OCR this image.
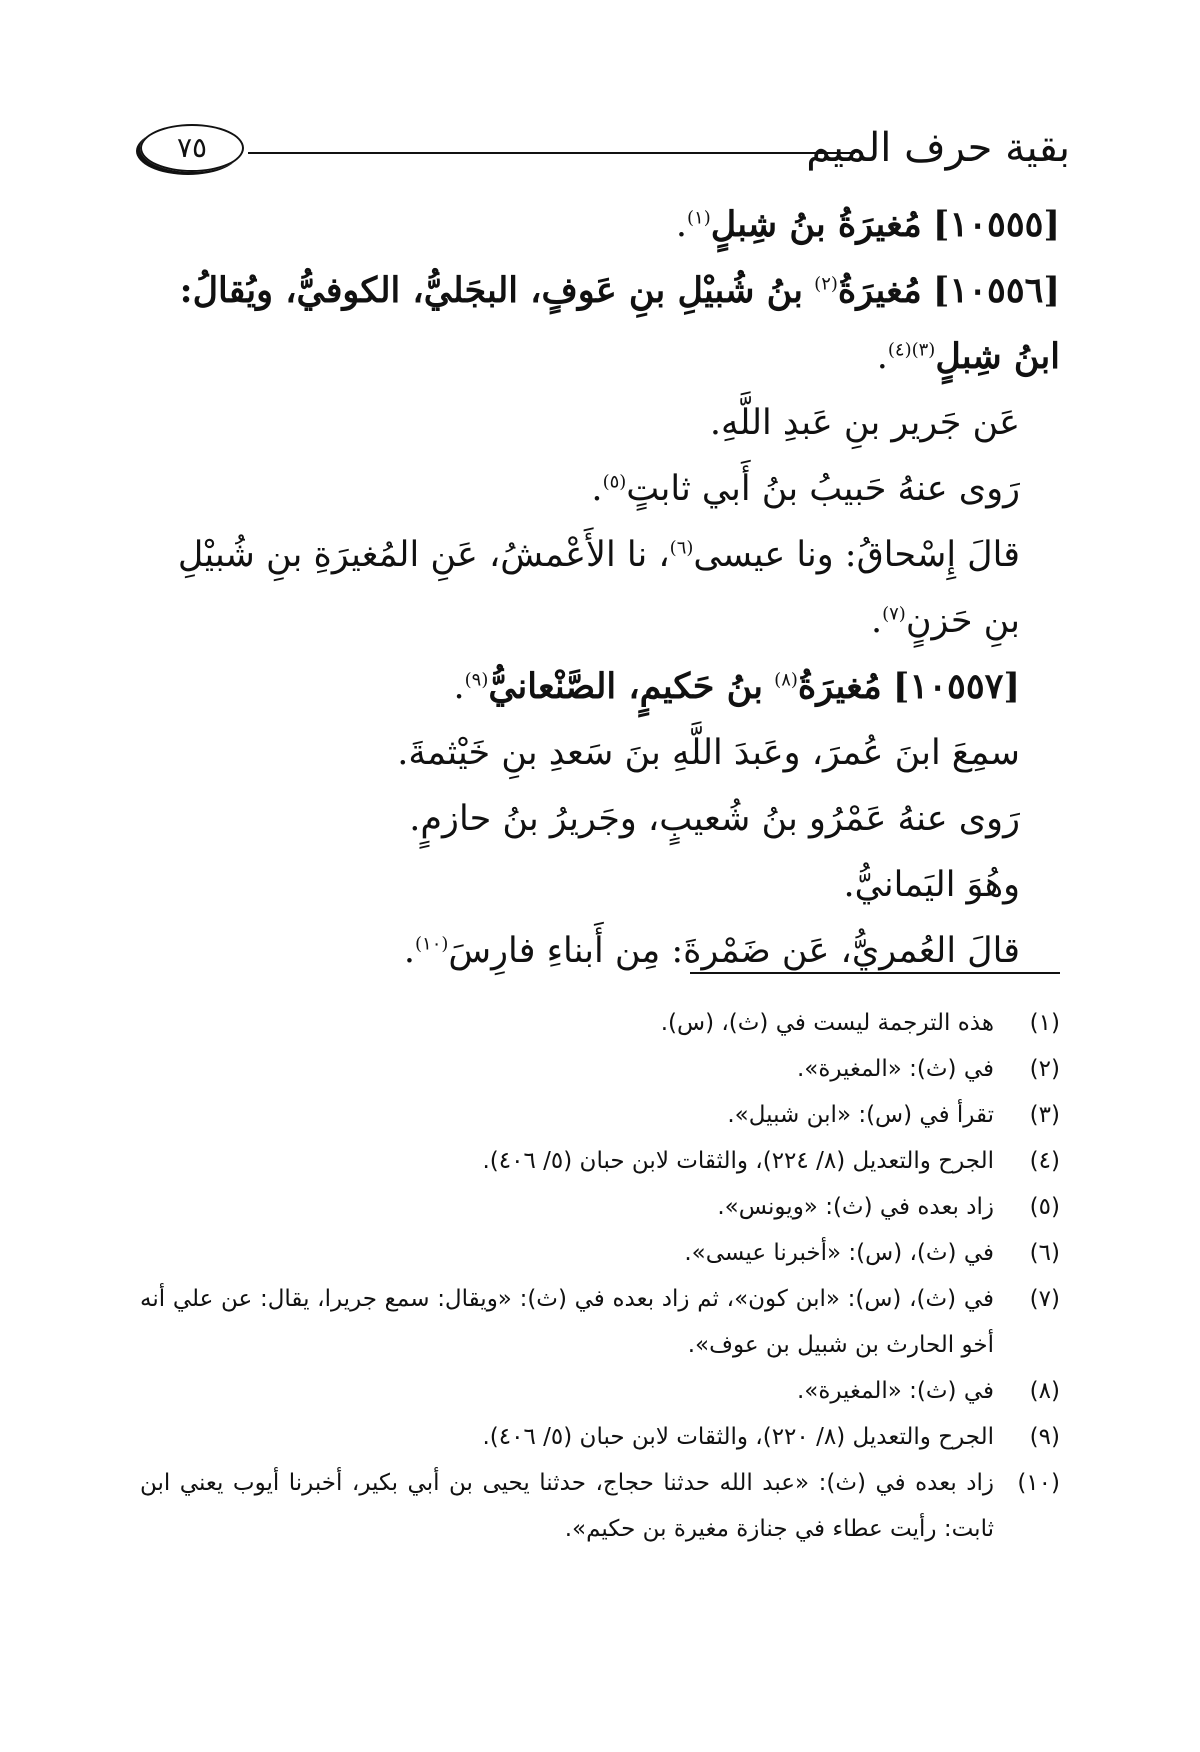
بقية حرف الميم
٧٥

[١٠٥٥٥] مُغيرَةُ بنُ شِبلٍ$^{(١)}$.

[١٠٥٥٦] مُغيرَةُ$^{(٢)}$ بنُ شُبيْلِ بنِ عَوفٍ، البجَليُّ، الكوفيُّ، ويُقالُ: ابنُ شِبلٍ$^{(٣)(٤)}$.

عَن جَرير بنِ عَبدِ اللَّهِ.

رَوى عنهُ حَبيبُ بنُ أَبي ثابتٍ$^{(٥)}$.

قالَ إِسْحاقُ: ونا عيسى$^{(٦)}$، نا الأَعْمشُ، عَنِ المُغيرَةِ بنِ شُبيْلِ بنِ حَزنٍ$^{(٧)}$.

[١٠٥٥٧] مُغيرَةُ$^{(٨)}$ بنُ حَكيمٍ، الصَّنْعانيُّ$^{(٩)}$.

سمِعَ ابنَ عُمرَ، وعَبدَ اللَّهِ بنَ سَعدِ بنِ خَيْثمةَ.

رَوى عنهُ عَمْرُو بنُ شُعيبٍ، وجَريرُ بنُ حازمٍ.

وهُوَ اليَمانيُّ.

قالَ العُمريُّ، عَن ضَمْرةَ: مِن أَبناءِ فارِسَ$^{(١٠)}$.

(١)
هذه الترجمة ليست في (ث)، (س).
(٢)
في (ث): «المغيرة».
(٣)
تقرأ في (س): «ابن شبيل».
(٤)
الجرح والتعديل (٨/ ٢٢٤)، والثقات لابن حبان (٥/ ٤٠٦).
(٥)
زاد بعده في (ث): «ويونس».
(٦)
في (ث)، (س): «أخبرنا عيسى».
(٧)
في (ث)، (س): «ابن كون»، ثم زاد بعده في (ث): «ويقال: سمع جريرا، يقال: عن علي أنه أخو الحارث بن شبيل بن عوف».
(٨)
في (ث): «المغيرة».
(٩)
الجرح والتعديل (٨/ ٢٢٠)، والثقات لابن حبان (٥/ ٤٠٦).
(١٠)
زاد بعده في (ث): «عبد الله حدثنا حجاج، حدثنا يحيى بن أبي بكير، أخبرنا أيوب يعني ابن ثابت: رأيت عطاء في جنازة مغيرة بن حكيم».
